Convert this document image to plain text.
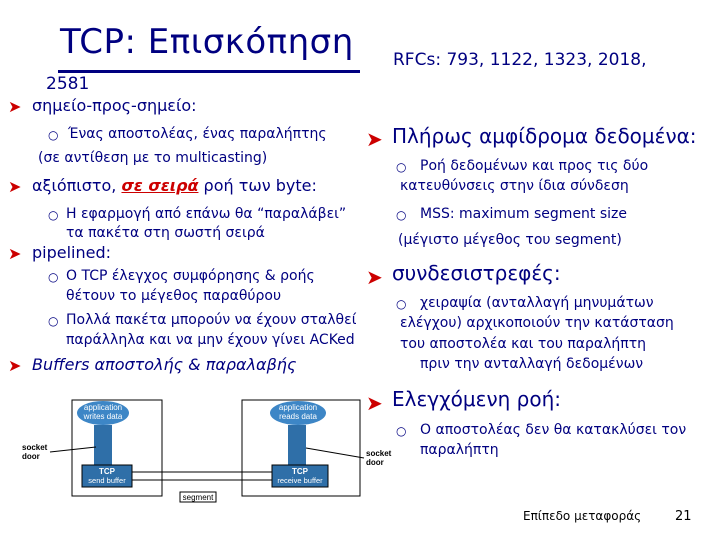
TCP: Επισκόπηση RFCs: 793, 1122, 1323, 2018,
2581
➤ σημείο-προς-σημείο:
○ Ένας αποστολέας, ένας παραλήπτης
(σε αντίθεση με το multicasting)
➤ αξιόπιστο, σε σειρά ροή των byte:
○ Η εφαρμογή από επάνω θα “παραλάβει”
τα πακέτα στη σωστή σειρά
➤ pipelined:
○ Ο TCP έλεγχος συμφόρησης & ροής
θέτουν το μέγεθος παραθύρου
○ Πολλά πακέτα μπορούν να έχουν σταλθεί
παράλληλα και να μην έχουν γίνει ACKed
➤ Buffers αποστολής & παραλαβής
➤ Πλήρως αμφίδρομα δεδομένα:
○ Ροή δεδομένων και προς τις δύο
κατευθύνσεις στην ίδια σύνδεση
○ MSS: maximum segment size
(μέγιστο μέγεθος του segment)
➤ συνδεσιστρεφές:
○ χειραψία (ανταλλαγή μηνυμάτων
ελέγχου) αρχικοποιούν την κατάσταση
του αποστολέα και του παραλήπτη
πριν την ανταλλαγή δεδομένων
➤ Ελεγχόμενη ροή:
○ Ο αποστολέας δεν θα κατακλύσει τον
παραλήπτη
application
writes data
application
reads data
TCP
send buffer
TCP
receive buffer
segment
socket
door	socket
door
Επίπεδο μεταφοράς	21
